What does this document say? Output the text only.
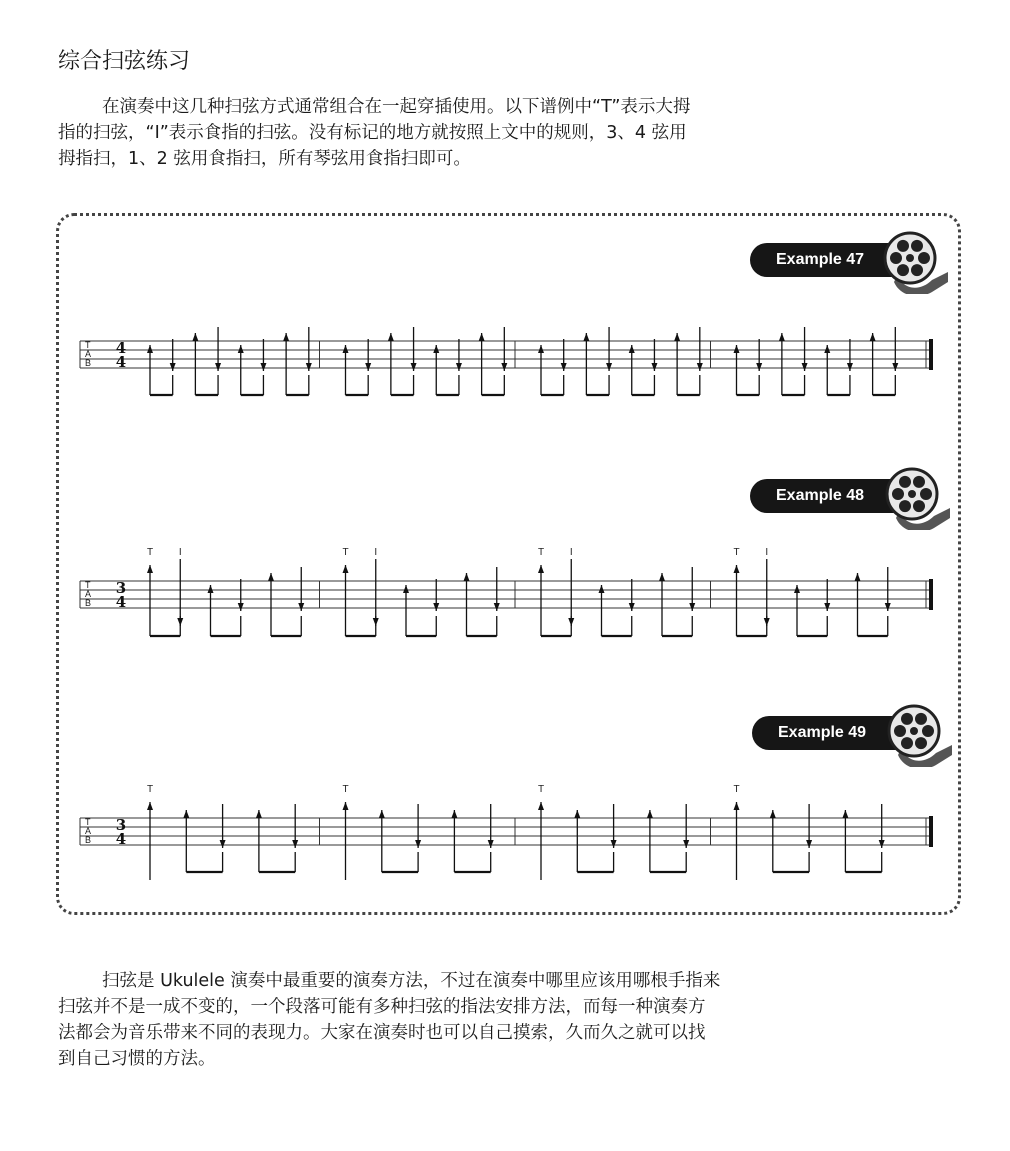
综合扫弦练习
在演奏中这几种扫弦方式通常组合在一起穿插使用。以下谱例中“T”表示大拇
指的扫弦，“I”表示食指的扫弦。没有标记的地方就按照上文中的规则，3、4 弦用
拇指扫，1、2 弦用食指扫，所有琴弦用食指扫即可。
Example 47
T
A
B
4
4
Example 48
T
A
B
3
4
T	I	T	I	T	I	T	I
Example 49
T
A
B
3
4
T	T	T	T
扫弦是 Ukulele 演奏中最重要的演奏方法，不过在演奏中哪里应该用哪根手指来
扫弦并不是一成不变的，一个段落可能有多种扫弦的指法安排方法，而每一种演奏方
法都会为音乐带来不同的表现力。大家在演奏时也可以自己摸索，久而久之就可以找
到自己习惯的方法。
